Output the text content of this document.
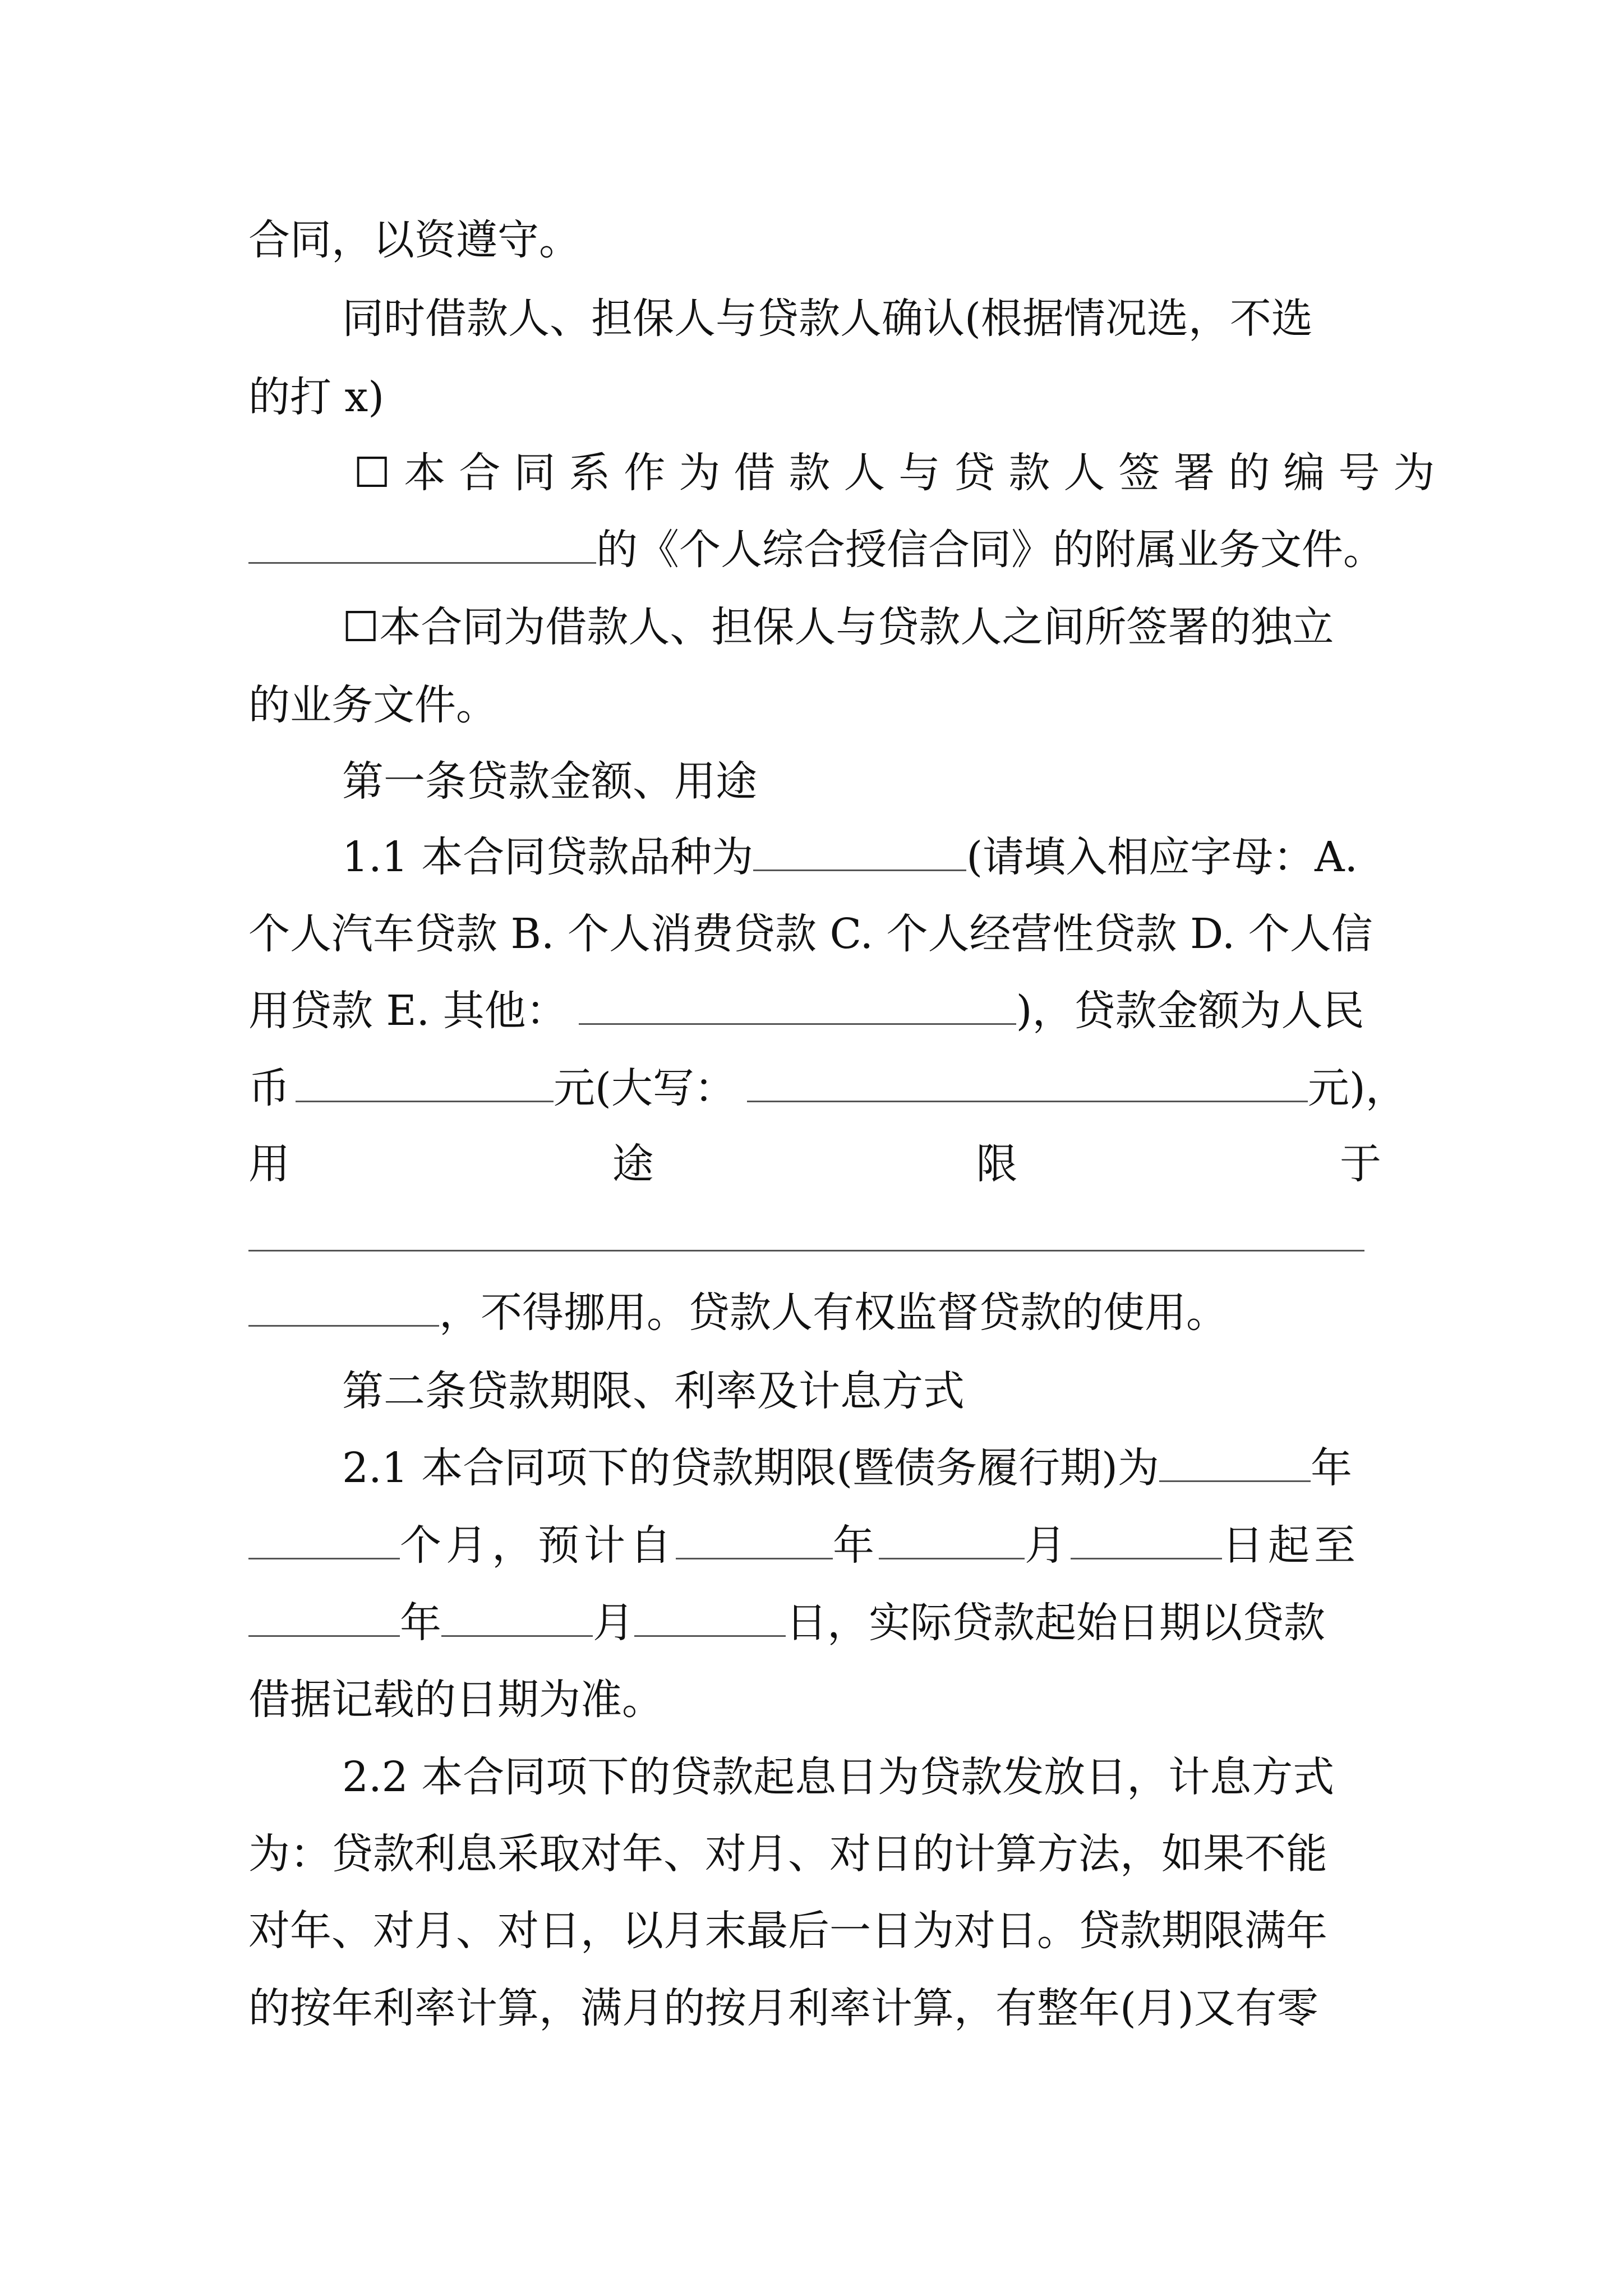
合同，以资遵守。
同时借款人、担保人与贷款人确认(根据情况选，不选
的打 x)
☐本合同系作为借款人与贷款人签署的编号为
的《个人综合授信合同》的附属业务文件。
☐本合同为借款人、担保人与贷款人之间所签署的独立
的业务文件。
第一条贷款金额、用途
1.1 本合同贷款品种为	(请填入相应字母：A.
个人汽车贷款 B. 个人消费贷款 C. 个人经营性贷款 D. 个人信
用贷款 E. 其他：	)，贷款金额为人民
币	元(大写：	元)，
用	途	限	于
，不得挪用。贷款人有权监督贷款的使用。
第二条贷款期限、利率及计息方式
2.1 本合同项下的贷款期限(暨债务履行期)为	年
个月，预计自	年	月	日起至
年	月	日，实际贷款起始日期以贷款
借据记载的日期为准。
2.2 本合同项下的贷款起息日为贷款发放日，计息方式
为：贷款利息采取对年、对月、对日的计算方法，如果不能
对年、对月、对日，以月末最后一日为对日。贷款期限满年
的按年利率计算，满月的按月利率计算，有整年(月)又有零
